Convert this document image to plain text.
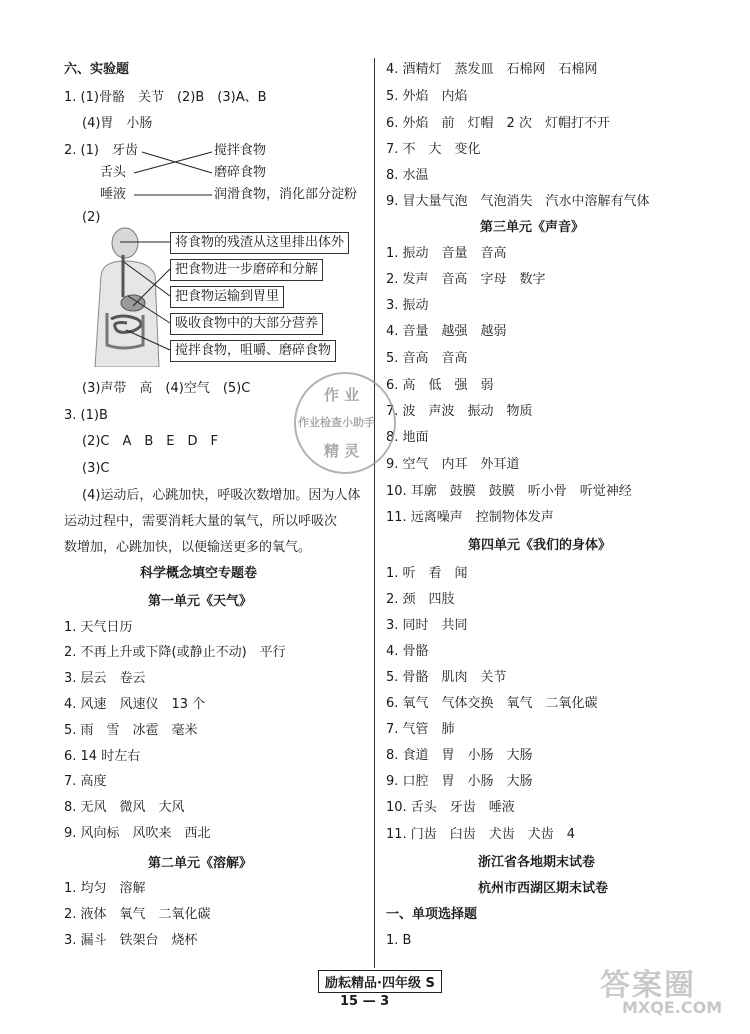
六、实验题
1. (1)骨骼　关节　(2)B　(3)A、B
(4)胃　小肠
2. (1) 牙齿
舌头
唾液
搅拌食物
磨碎食物
润滑食物，消化部分淀粉
(2)
将食物的残渣从这里排出体外
把食物进一步磨碎和分解
把食物运输到胃里
吸收食物中的大部分营养
搅拌食物，咀嚼、磨碎食物
(3)声带　高　(4)空气　(5)C
3. (1)B
(2)C　A　B　E　D　F
(3)C
(4)运动后，心跳加快，呼吸次数增加。因为人体
运动过程中，需要消耗大量的氧气，所以呼吸次
数增加，心跳加快，以便输送更多的氧气。
科学概念填空专题卷
第一单元《天气》
1. 天气日历
2. 不再上升或下降(或静止不动)　平行
3. 层云　卷云
4. 风速　风速仪　13 个
5. 雨　雪　冰雹　毫米
6. 14 时左右
7. 高度
8. 无风　微风　大风
9. 风向标　风吹来　西北
第二单元《溶解》
1. 均匀　溶解
2. 液体　氧气　二氧化碳
3. 漏斗　铁架台　烧杯
4. 酒精灯　蒸发皿　石棉网　石棉网
5. 外焰　内焰
6. 外焰　前　灯帽　2 次　灯帽打不开
7. 不　大　变化
8. 水温
9. 冒大量气泡　气泡消失　汽水中溶解有气体
第三单元《声音》
1. 振动　音量　音高
2. 发声　音高　字母　数字
3. 振动
4. 音量　越强　越弱
5. 音高　音高
6. 高　低　强　弱
7. 波　声波　振动　物质
8. 地面
9. 空气　内耳　外耳道
10. 耳廓　鼓膜　鼓膜　听小骨　听觉神经
11. 远离噪声　控制物体发声
第四单元《我们的身体》
1. 听　看　闻
2. 颈　四肢
3. 同时　共同
4. 骨骼
5. 骨骼　肌肉　关节
6. 氧气　气体交换　氧气　二氧化碳
7. 气管　肺
8. 食道　胃　小肠　大肠
9. 口腔　胃　小肠　大肠
10. 舌头　牙齿　唾液
11. 门齿　臼齿　犬齿　犬齿　4
浙江省各地期末试卷
杭州市西湖区期末试卷
一、单项选择题
1. B
作 业
作业检查小助手
精 灵
励耘精品·四年级 S
15 — 3	答案圈
MXQE.COM
